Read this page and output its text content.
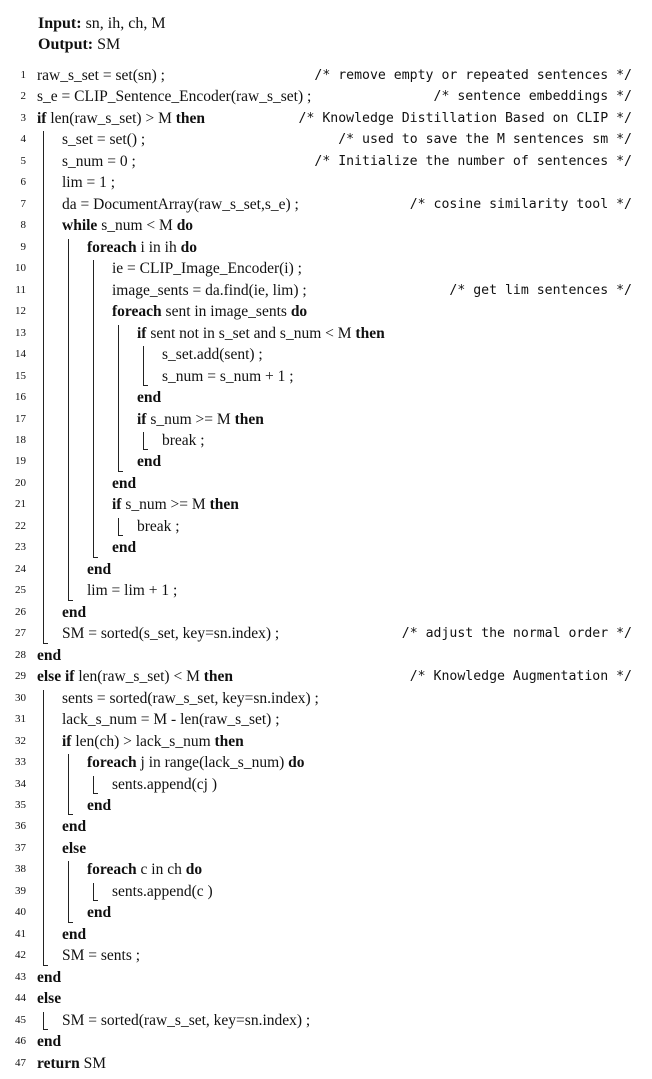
Input: sn, ih, ch, M
Output: SM
1 raw_s_set = set(sn) ;	/* remove empty or repeated sentences */
2 s_e = CLIP_Sentence_Encoder(raw_s_set) ;	/* sentence embeddings */
3 if len(raw_s_set) > M then	/* Knowledge Distillation Based on CLIP */
4 s_set = set() ;	/* used to save the M sentences sm */
5 s_num = 0 ;	/* Initialize the number of sentences */
6 lim = 1 ;
7 da = DocumentArray(raw_s_set,s_e) ;	/* cosine similarity tool */
8 while s_num < M do
9	foreach i in ih do
10	ie = CLIP_Image_Encoder(i) ;
11	image_sents = da.find(ie, lim) ;	/* get lim sentences */
12	foreach sent in image_sents do
13	if sent not in s_set and s_num < M then
14	s_set.add(sent) ;
15	s_num = s_num + 1 ;
16	end
17	if s_num >= M then
18	break ;
19	end
20	end
21	if s_num >= M then
22	break ;
23	end
24	end
25	lim = lim + 1 ;
26 end
27 SM = sorted(s_set, key=sn.index) ;	/* adjust the normal order */
28 end
29 else if len(raw_s_set) < M then	/* Knowledge Augmentation */
30 sents = sorted(raw_s_set, key=sn.index) ;
31 lack_s_num = M - len(raw_s_set) ;
32 if len(ch) > lack_s_num then
33	foreach j in range(lack_s_num) do
34	sents.append(cj )
35	end
36 end
37 else
38	foreach c in ch do
39	sents.append(c )
40	end
41 end
42 SM = sents ;
43 end
44 else
45 SM = sorted(raw_s_set, key=sn.index) ;
46 end
47 return SM
